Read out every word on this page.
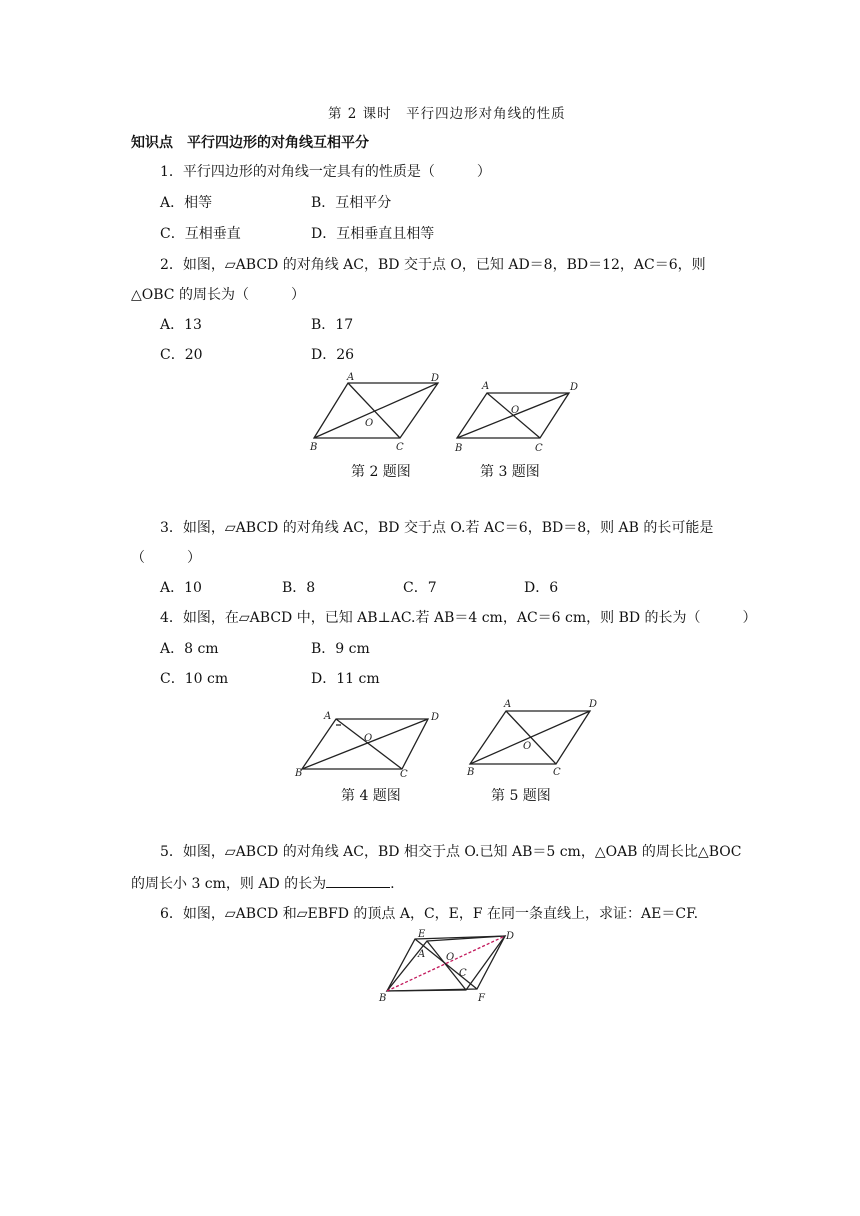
第 2 课时　平行四边形对角线的性质
知识点　平行四边形的对角线互相平分
1．平行四边形的对角线一定具有的性质是（　　　）
A．相等	B．互相平分
C．互相垂直	D．互相垂直且相等
2．如图，▱ABCD 的对角线 AC，BD 交于点 O，已知 AD＝8，BD＝12，AC＝6，则
△OBC 的周长为（　　　）
A．13	B．17
C．20	D．26
A	D
O
B	C
A	D
O
B	C
第 2 题图	第 3 题图
3．如图，▱ABCD 的对角线 AC，BD 交于点 O.若 AC＝6，BD＝8，则 AB 的长可能是
（　　　）
A．10	B．8	C．7	D．6
4．如图，在▱ABCD 中，已知 AB⊥AC.若 AB＝4 cm，AC＝6 cm，则 BD 的长为（　　　）
A．8 cm	B．9 cm
C．10 cm	D．11 cm
A	D
O
B	C
A	D
O
B	C
第 4 题图	第 5 题图
5．如图，▱ABCD 的对角线 AC，BD 相交于点 O.已知 AB＝5 cm，△OAB 的周长比△BOC
的周长小 3 cm，则 AD 的长为	.
6．如图，▱ABCD 和▱EBFD 的顶点 A，C，E，F 在同一条直线上，求证：AE＝CF.
E
A
D
O
C
B	F
